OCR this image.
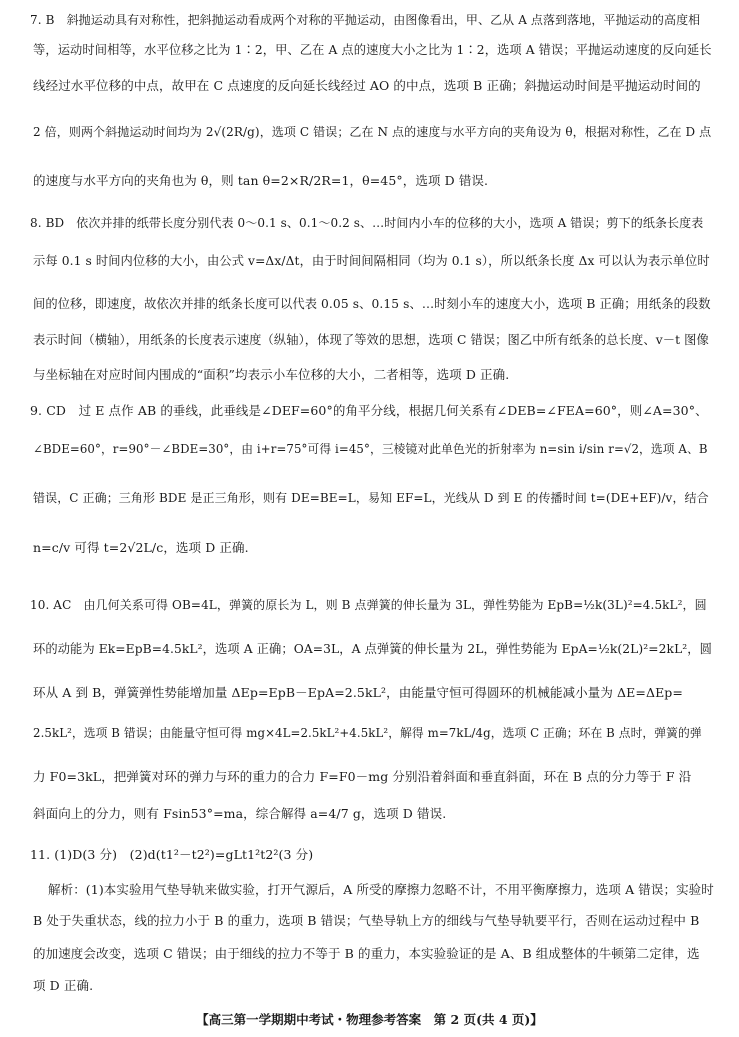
7. B　斜抛运动具有对称性，把斜抛运动看成两个对称的平抛运动，由图像看出，甲、乙从 A 点落到落地，平抛运动的高度相
等，运动时间相等，水平位移之比为 1∶2，甲、乙在 A 点的速度大小之比为 1∶2，选项 A 错误；平抛运动速度的反向延长
线经过水平位移的中点，故甲在 C 点速度的反向延长线经过 AO 的中点，选项 B 正确；斜抛运动时间是平抛运动时间的
2 倍，则两个斜抛运动时间均为 2√(2R/g)，选项 C 错误；乙在 N 点的速度与水平方向的夹角设为 θ，根据对称性，乙在 D 点
的速度与水平方向的夹角也为 θ，则 tan θ=2×R/2R=1，θ=45°，选项 D 错误.
8. BD　依次并排的纸带长度分别代表 0～0.1 s、0.1～0.2 s、…时间内小车的位移的大小，选项 A 错误；剪下的纸条长度表
示每 0.1 s 时间内位移的大小，由公式 v=Δx/Δt，由于时间间隔相同（均为 0.1 s），所以纸条长度 Δx 可以认为表示单位时
间的位移，即速度，故依次并排的纸条长度可以代表 0.05 s、0.15 s、…时刻小车的速度大小，选项 B 正确；用纸条的段数
表示时间（横轴），用纸条的长度表示速度（纵轴），体现了等效的思想，选项 C 错误；图乙中所有纸条的总长度、v－t 图像
与坐标轴在对应时间内围成的“面积”均表示小车位移的大小，二者相等，选项 D 正确.
9. CD　过 E 点作 AB 的垂线，此垂线是∠DEF=60°的角平分线，根据几何关系有∠DEB=∠FEA=60°，则∠A=30°、
∠BDE=60°，r=90°－∠BDE=30°，由 i+r=75°可得 i=45°，三棱镜对此单色光的折射率为 n=sin i/sin r=√2，选项 A、B
错误，C 正确；三角形 BDE 是正三角形，则有 DE=BE=L，易知 EF=L，光线从 D 到 E 的传播时间 t=(DE+EF)/v，结合
n=c/v 可得 t=2√2L/c，选项 D 正确.
10. AC　由几何关系可得 OB=4L，弹簧的原长为 L，则 B 点弹簧的伸长量为 3L，弹性势能为 EpB=½k(3L)²=4.5kL²，圆
环的动能为 Ek=EpB=4.5kL²，选项 A 正确；OA=3L，A 点弹簧的伸长量为 2L，弹性势能为 EpA=½k(2L)²=2kL²，圆
环从 A 到 B，弹簧弹性势能增加量 ΔEp=EpB－EpA=2.5kL²，由能量守恒可得圆环的机械能减小量为 ΔE=ΔEp=
2.5kL²，选项 B 错误；由能量守恒可得 mg×4L=2.5kL²+4.5kL²，解得 m=7kL/4g，选项 C 正确；环在 B 点时，弹簧的弹
力 F0=3kL，把弹簧对环的弹力与环的重力的合力 F=F0－mg 分别沿着斜面和垂直斜面，环在 B 点的分力等于 F 沿
斜面向上的分力，则有 Fsin53°=ma，综合解得 a=4/7 g，选项 D 错误.
11. (1)D(3 分)　(2)d(t1²－t2²)=gLt1²t2²(3 分)
解析：(1)本实验用气垫导轨来做实验，打开气源后，A 所受的摩擦力忽略不计，不用平衡摩擦力，选项 A 错误；实验时
B 处于失重状态，线的拉力小于 B 的重力，选项 B 错误；气垫导轨上方的细线与气垫导轨要平行，否则在运动过程中 B
的加速度会改变，选项 C 错误；由于细线的拉力不等于 B 的重力，本实验验证的是 A、B 组成整体的牛顿第二定律，选
项 D 正确.
【高三第一学期期中考试・物理参考答案　第 2 页(共 4 页)】
